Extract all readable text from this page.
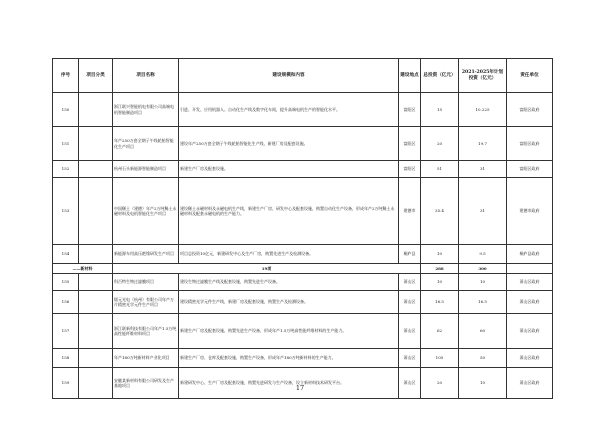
序号	项目分类	项目名称	建设规模和内容	建设地点	总投资（亿元）	2021-2025年计划投资（亿元）	责任单位
150		浙江联兴智能机电有限公司高端电机智能制造项目	引进、开发、应用机器人、自动化生产线及数字化车间，提升高端电机生产的智能化水平。	富阳区	15	10.225	富阳区政府
151		年产250万套全钢子午线轮胎智能化生产项目	建设年产250万套全钢子午线轮胎智能化生产线，新建厂房及配套设施。	富阳区	20	19.7	富阳区政府
152		杭州石头新能源智能制造项目	新建生产厂房及配套设施。	富阳区	51	31	富阳区政府
153		中国稀土（建德）年产2万吨稀土永磁材料及电机智能化生产项目	建设稀土永磁材料及永磁电机生产线，新建生产厂房、研发中心及配套设施，购置自动化生产设备，形成年产2万吨稀土永磁材料及配套永磁电机的生产能力。	建德市	35.4	31	建德市政府
154		新能源车用高压绝缘研发生产项目	项目总投资10亿元，新建研发中心及生产厂房，购置先进生产及检测设备。	桐庐县	10	9.5	桐庐县政府
——新材料		19项			288	300	
155		科百特生物过滤膜项目	建设生物过滤膜生产线及配套设施，购置先进生产设备。	萧山区	10	10	萧山区政府
156		镭元光电（杭州）有限公司年产万片精密光学元件生产项目	建设精密光学元件生产线，新建厂房及配套设施，购置生产及检测设备。	萧山区	16.5	16.5	萧山区政府
157		浙江联新科技有限公司年产1.5万吨高性能纤维材料项目	新建生产厂房及配套设施，购置先进生产设备，形成年产1.5万吨高性能纤维材料的生产能力。	萧山区	62	60	萧山区政府
158		年产180万吨新材料产业化项目	新建生产厂房、仓库及配套设施，购置生产设备，形成年产180万吨新材料的生产能力。	萧山区	105	50	萧山区政府
159		安徽某新材料有限公司研发及生产基地项目	新建研发中心、生产厂房及配套设施，购置先进研发与生产设备，设立新材料技术研发平台。	萧山区	20	10	萧山区政府
17
